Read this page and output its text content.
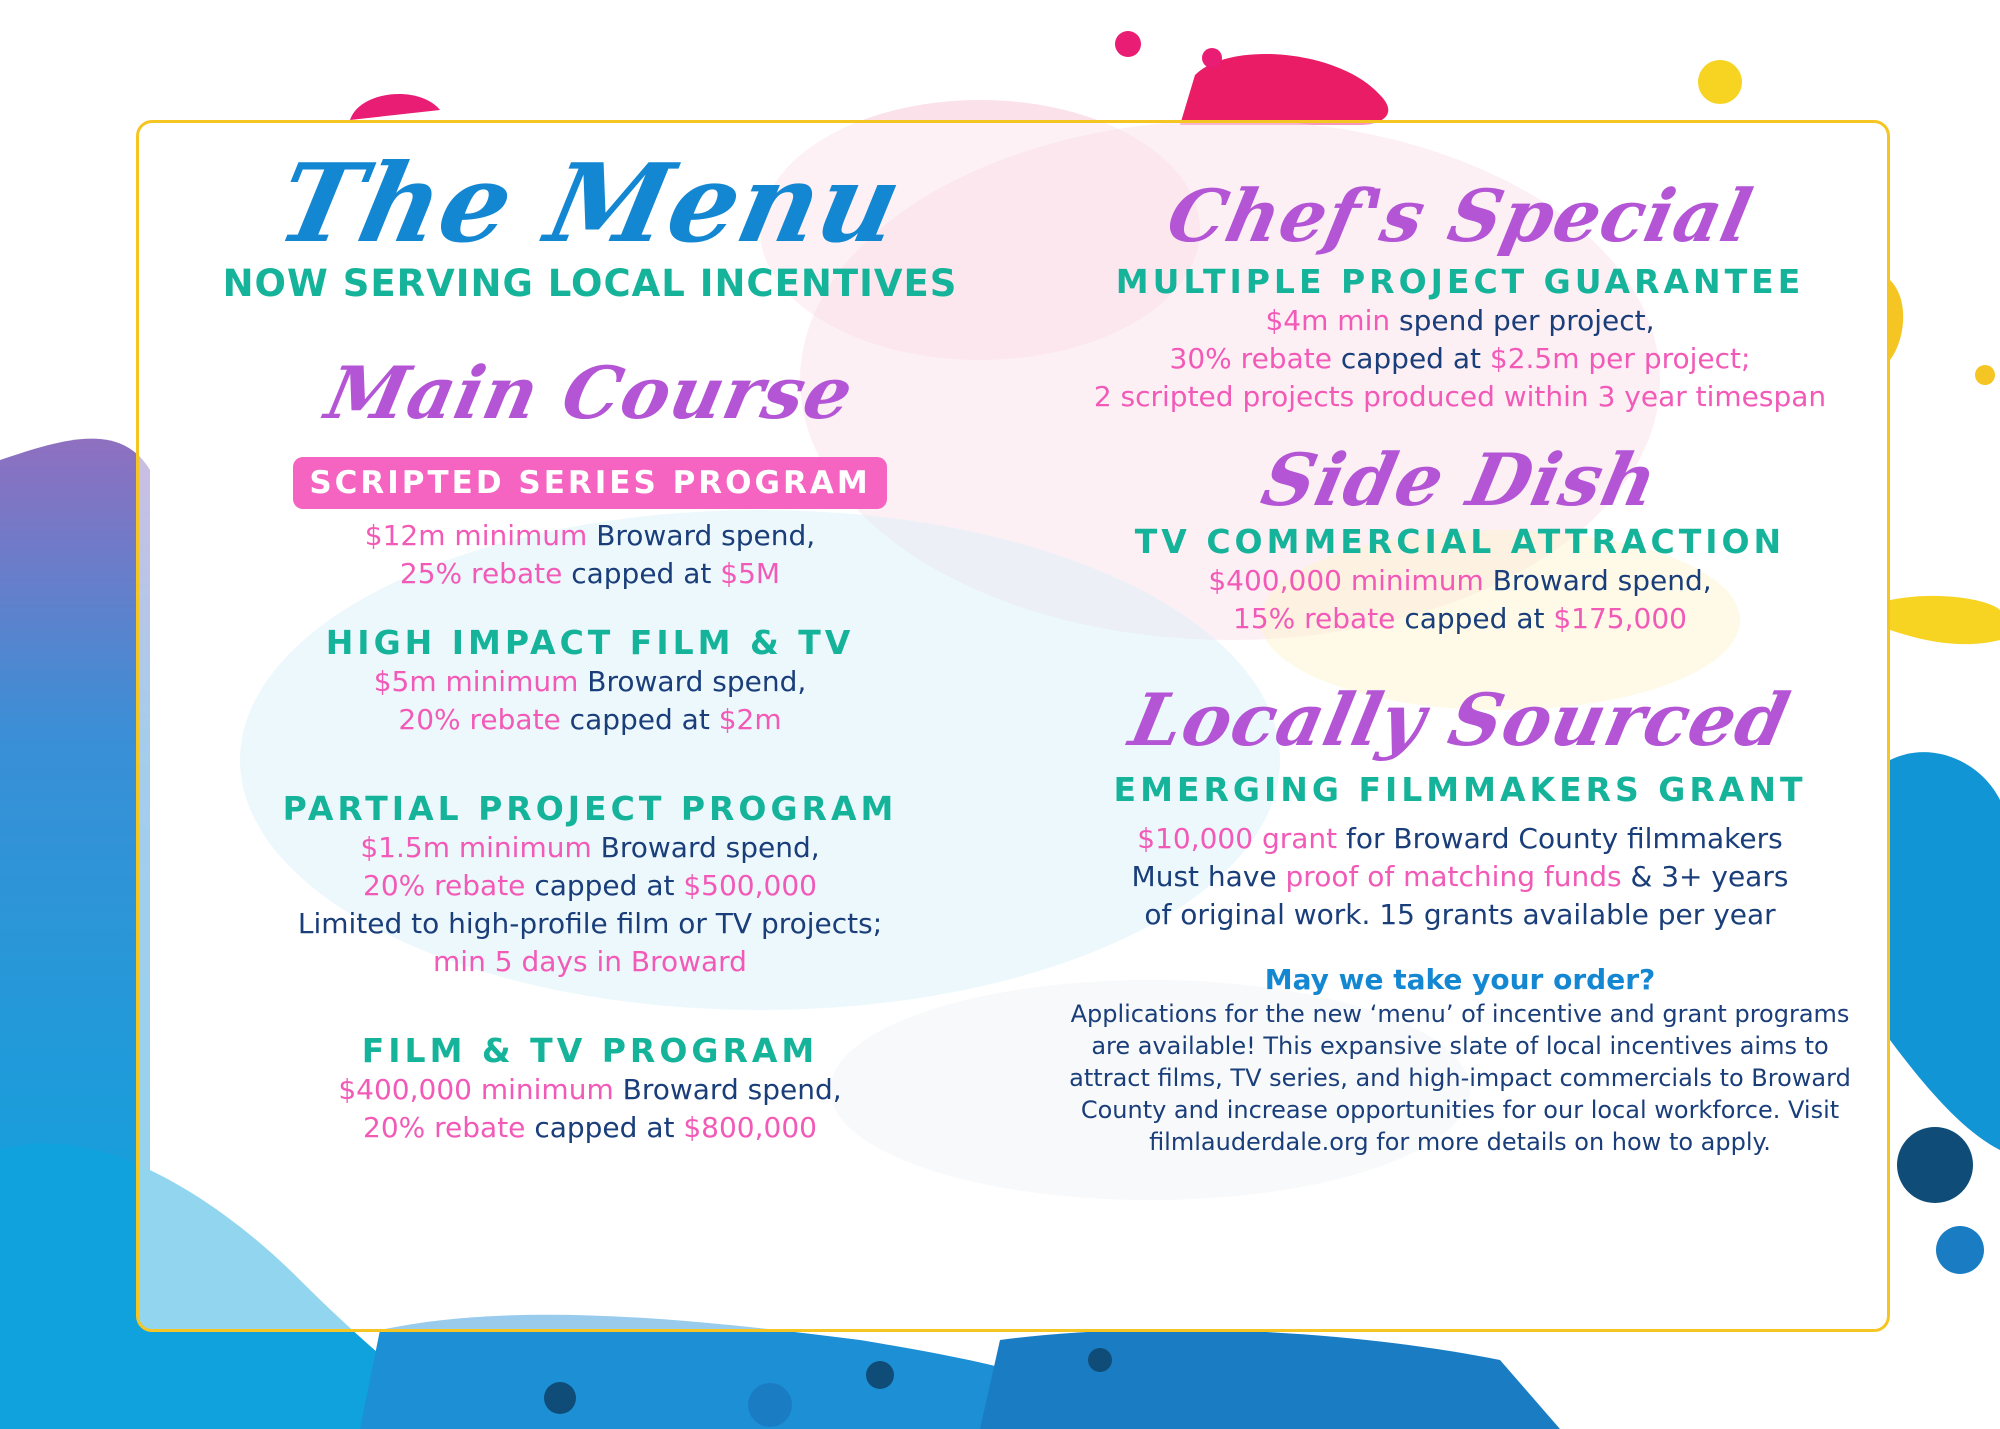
The Menu
NOW SERVING LOCAL INCENTIVES
Main Course
SCRIPTED SERIES PROGRAM
$12m minimum Broward spend,
25% rebate capped at $5M
HIGH IMPACT FILM & TV
$5m minimum Broward spend,
20% rebate capped at $2m
PARTIAL PROJECT PROGRAM
$1.5m minimum Broward spend,
20% rebate capped at $500,000
Limited to high-profile film or TV projects;
min 5 days in Broward
FILM & TV PROGRAM
$400,000 minimum Broward spend,
20% rebate capped at $800,000
Chef's Special
MULTIPLE PROJECT GUARANTEE
$4m min spend per project,
30% rebate capped at $2.5m per project;
2 scripted projects produced within 3 year timespan
Side Dish
TV COMMERCIAL ATTRACTION
$400,000 minimum Broward spend,
15% rebate capped at $175,000
Locally Sourced
EMERGING FILMMAKERS GRANT
$10,000 grant for Broward County filmmakers
Must have proof of matching funds & 3+ years
of original work. 15 grants available per year
May we take your order?
Applications for the new ‘menu’ of incentive and grant programs are available! This expansive slate of local incentives aims to attract films, TV series, and high-impact commercials to Broward County and increase opportunities for our local workforce. Visit filmlauderdale.org for more details on how to apply.
